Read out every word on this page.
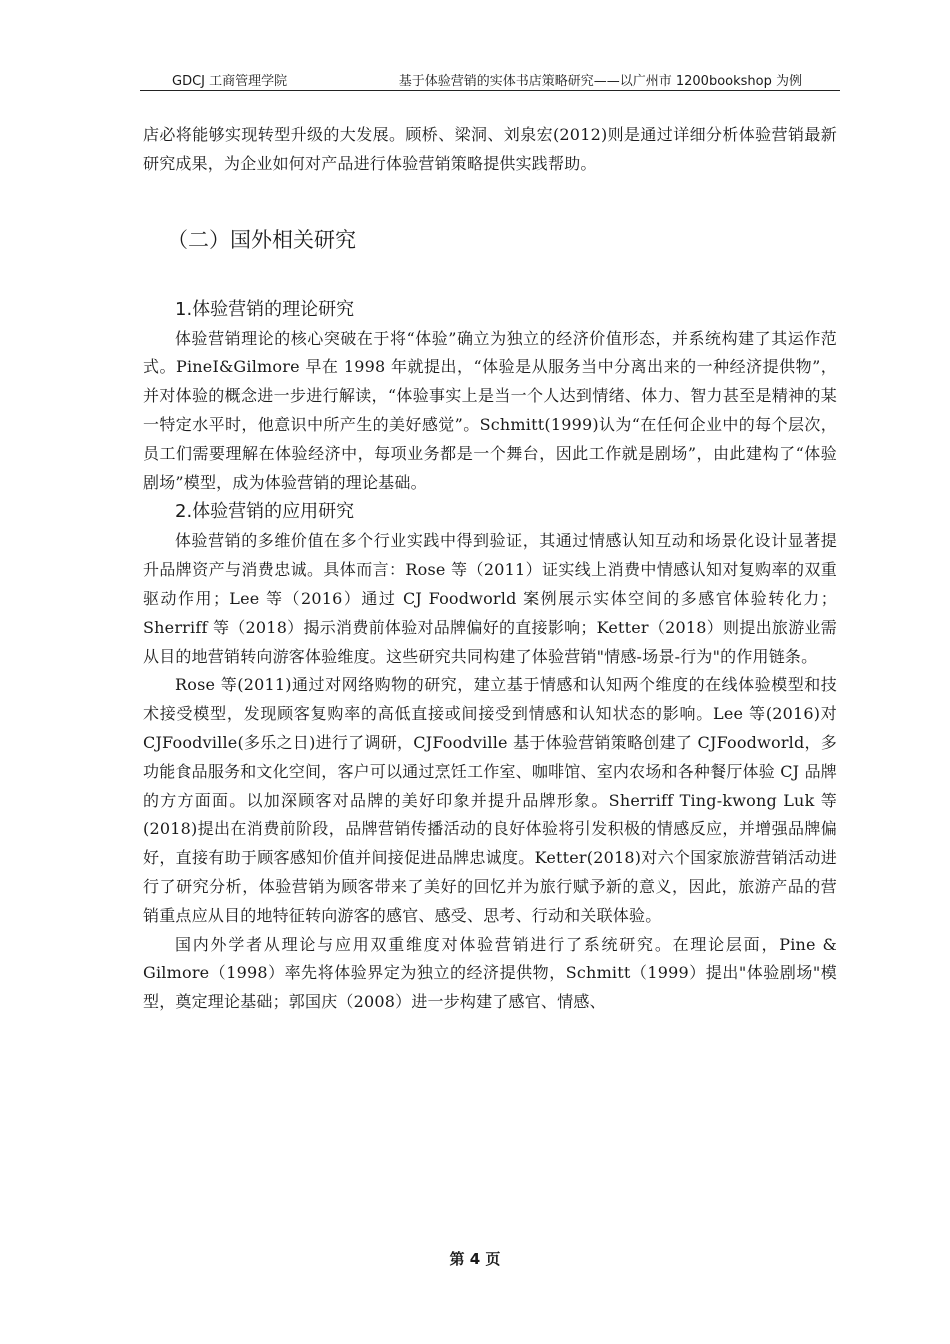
GDCJ 工商管理学院	基于体验营销的实体书店策略研究——以广州市 1200bookshop 为例

店必将能够实现转型升级的大发展。顾桥、梁洞、刘泉宏(2012)则是通过详细分析体验营销最新研究成果，为企业如何对产品进行体验营销策略提供实践帮助。

（二）国外相关研究
1.体验营销的理论研究

体验营销理论的核心突破在于将“体验”确立为独立的经济价值形态，并系统构建了其运作范式。PineI&Gilmore 早在 1998 年就提出，“体验是从服务当中分离出来的一种经济提供物”，并对体验的概念进一步进行解读，“体验事实上是当一个人达到情绪、体力、智力甚至是精神的某一特定水平时，他意识中所产生的美好感觉”。Schmitt(1999)认为“在任何企业中的每个层次，员工们需要理解在体验经济中，每项业务都是一个舞台，因此工作就是剧场”，由此建构了“体验剧场”模型，成为体验营销的理论基础。

2.体验营销的应用研究

体验营销的多维价值在多个行业实践中得到验证，其通过情感认知互动和场景化设计显著提升品牌资产与消费忠诚。具体而言：Rose 等（2011）证实线上消费中情感认知对复购率的双重驱动作用；Lee 等（2016）通过 CJ Foodworld 案例展示实体空间的多感官体验转化力；Sherriff 等（2018）揭示消费前体验对品牌偏好的直接影响；Ketter（2018）则提出旅游业需从目的地营销转向游客体验维度。这些研究共同构建了体验营销"情感-场景-行为"的作用链条。

Rose 等(2011)通过对网络购物的研究，建立基于情感和认知两个维度的在线体验模型和技术接受模型，发现顾客复购率的高低直接或间接受到情感和认知状态的影响。Lee 等(2016)对 CJFoodville(多乐之日)进行了调研，CJFoodville 基于体验营销策略创建了 CJFoodworld，多功能食品服务和文化空间，客户可以通过烹饪工作室、咖啡馆、室内农场和各种餐厅体验 CJ 品牌的方方面面。以加深顾客对品牌的美好印象并提升品牌形象。Sherriff Ting-kwong Luk 等(2018)提出在消费前阶段，品牌营销传播活动的良好体验将引发积极的情感反应，并增强品牌偏好，直接有助于顾客感知价值并间接促进品牌忠诚度。Ketter(2018)对六个国家旅游营销活动进行了研究分析，体验营销为顾客带来了美好的回忆并为旅行赋予新的意义，因此，旅游产品的营销重点应从目的地特征转向游客的感官、感受、思考、行动和关联体验。

国内外学者从理论与应用双重维度对体验营销进行了系统研究。在理论层面，Pine & Gilmore（1998）率先将体验界定为独立的经济提供物，Schmitt（1999）提出"体验剧场"模型，奠定理论基础；郭国庆（2008）进一步构建了感官、情感、

第 4 页
